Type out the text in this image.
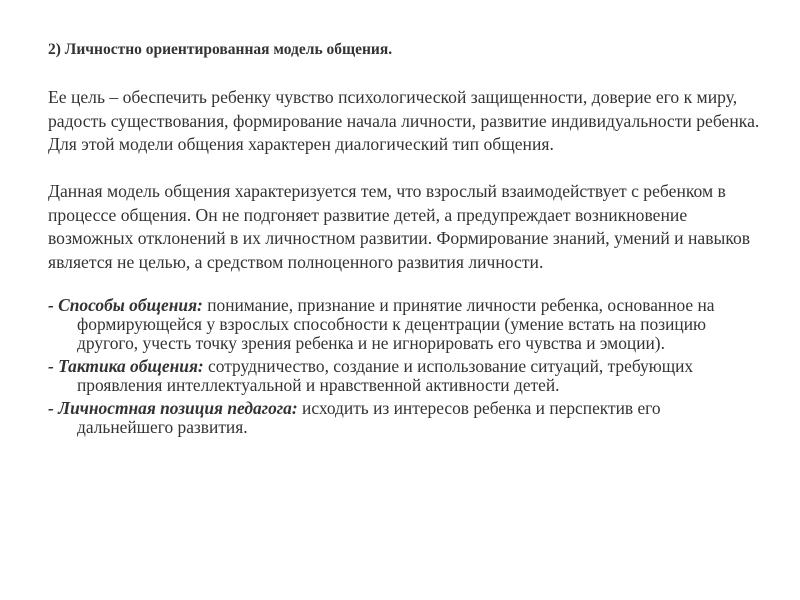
2) Личностно ориентированная модель общения.

Ее цель – обеспечить ребенку чувство психологической защищенности, доверие его к миру, радость существования, формирование начала личности, развитие индивидуальности ребенка. Для этой модели общения характерен диалогический тип общения.

Данная модель общения характеризуется тем, что взрослый взаимодействует с ребенком в процессе общения. Он не подгоняет развитие детей, а предупреждает возникновение возможных отклонений в их личностном развитии. Формирование знаний, умений и навыков является не целью, а средством полноценного развития личности.

- Способы общения: понимание, признание и принятие личности ребенка, основанное на формирующейся у взрослых способности к децентрации (умение встать на позицию другого, учесть точку зрения ребенка и не игнорировать его чувства и эмоции).
- Тактика общения: сотрудничество, создание и использование ситуаций, требующих проявления интеллектуальной и нравственной активности детей.
- Личностная позиция педагога: исходить из интересов ребенка и перспектив его дальнейшего развития.
